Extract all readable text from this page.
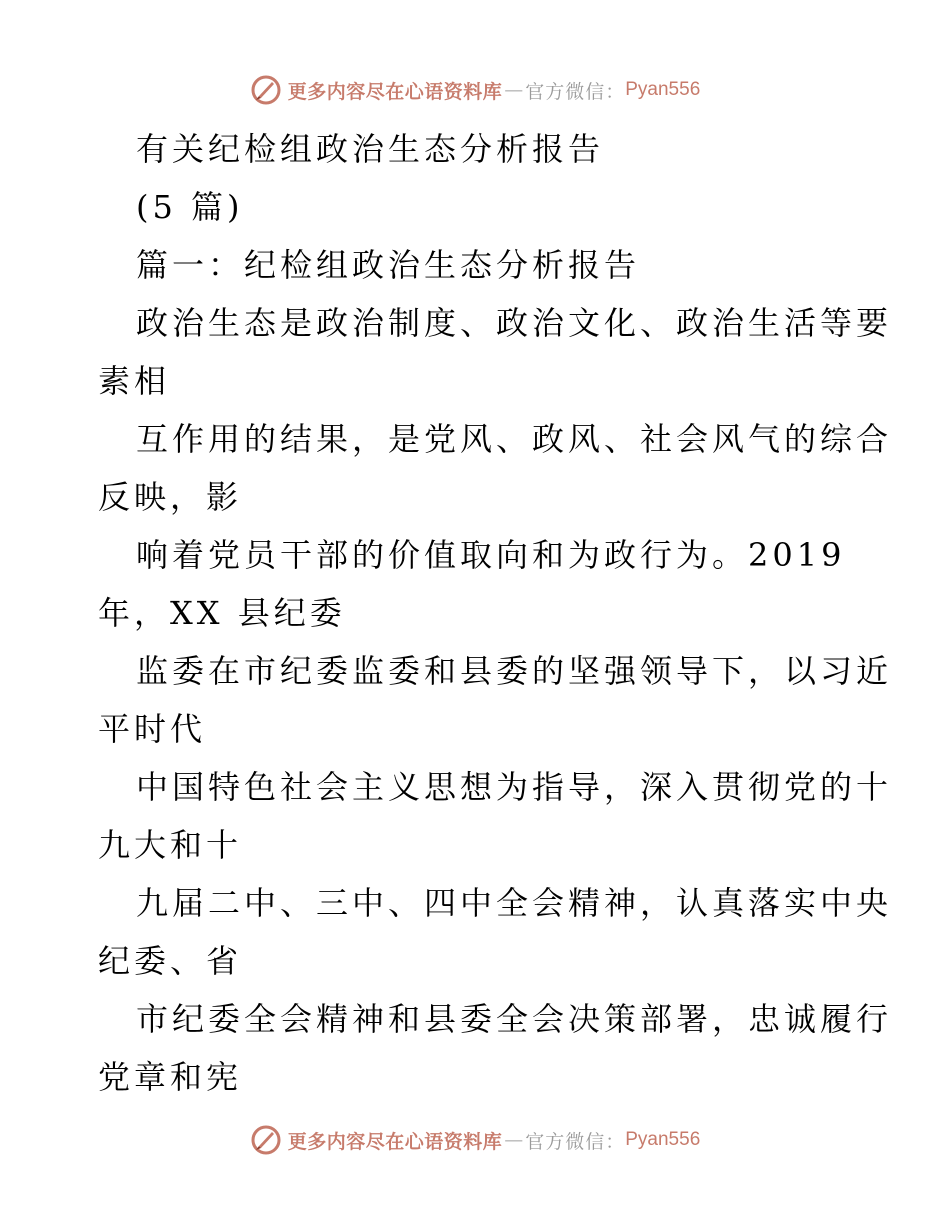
更多内容尽在心语资料库 — 官方微信： Pyan556
有关纪检组政治生态分析报告
(5 篇)
篇一：纪检组政治生态分析报告
政治生态是政治制度、政治文化、政治生活等要
素相
互作用的结果，是党风、政风、社会风气的综合
反映，影
响着党员干部的价值取向和为政行为。2019
年，XX 县纪委
监委在市纪委监委和县委的坚强领导下，以习近
平时代
中国特色社会主义思想为指导，深入贯彻党的十
九大和十
九届二中、三中、四中全会精神，认真落实中央
纪委、省
市纪委全会精神和县委全会决策部署，忠诚履行
党章和宪
更多内容尽在心语资料库 — 官方微信： Pyan556
